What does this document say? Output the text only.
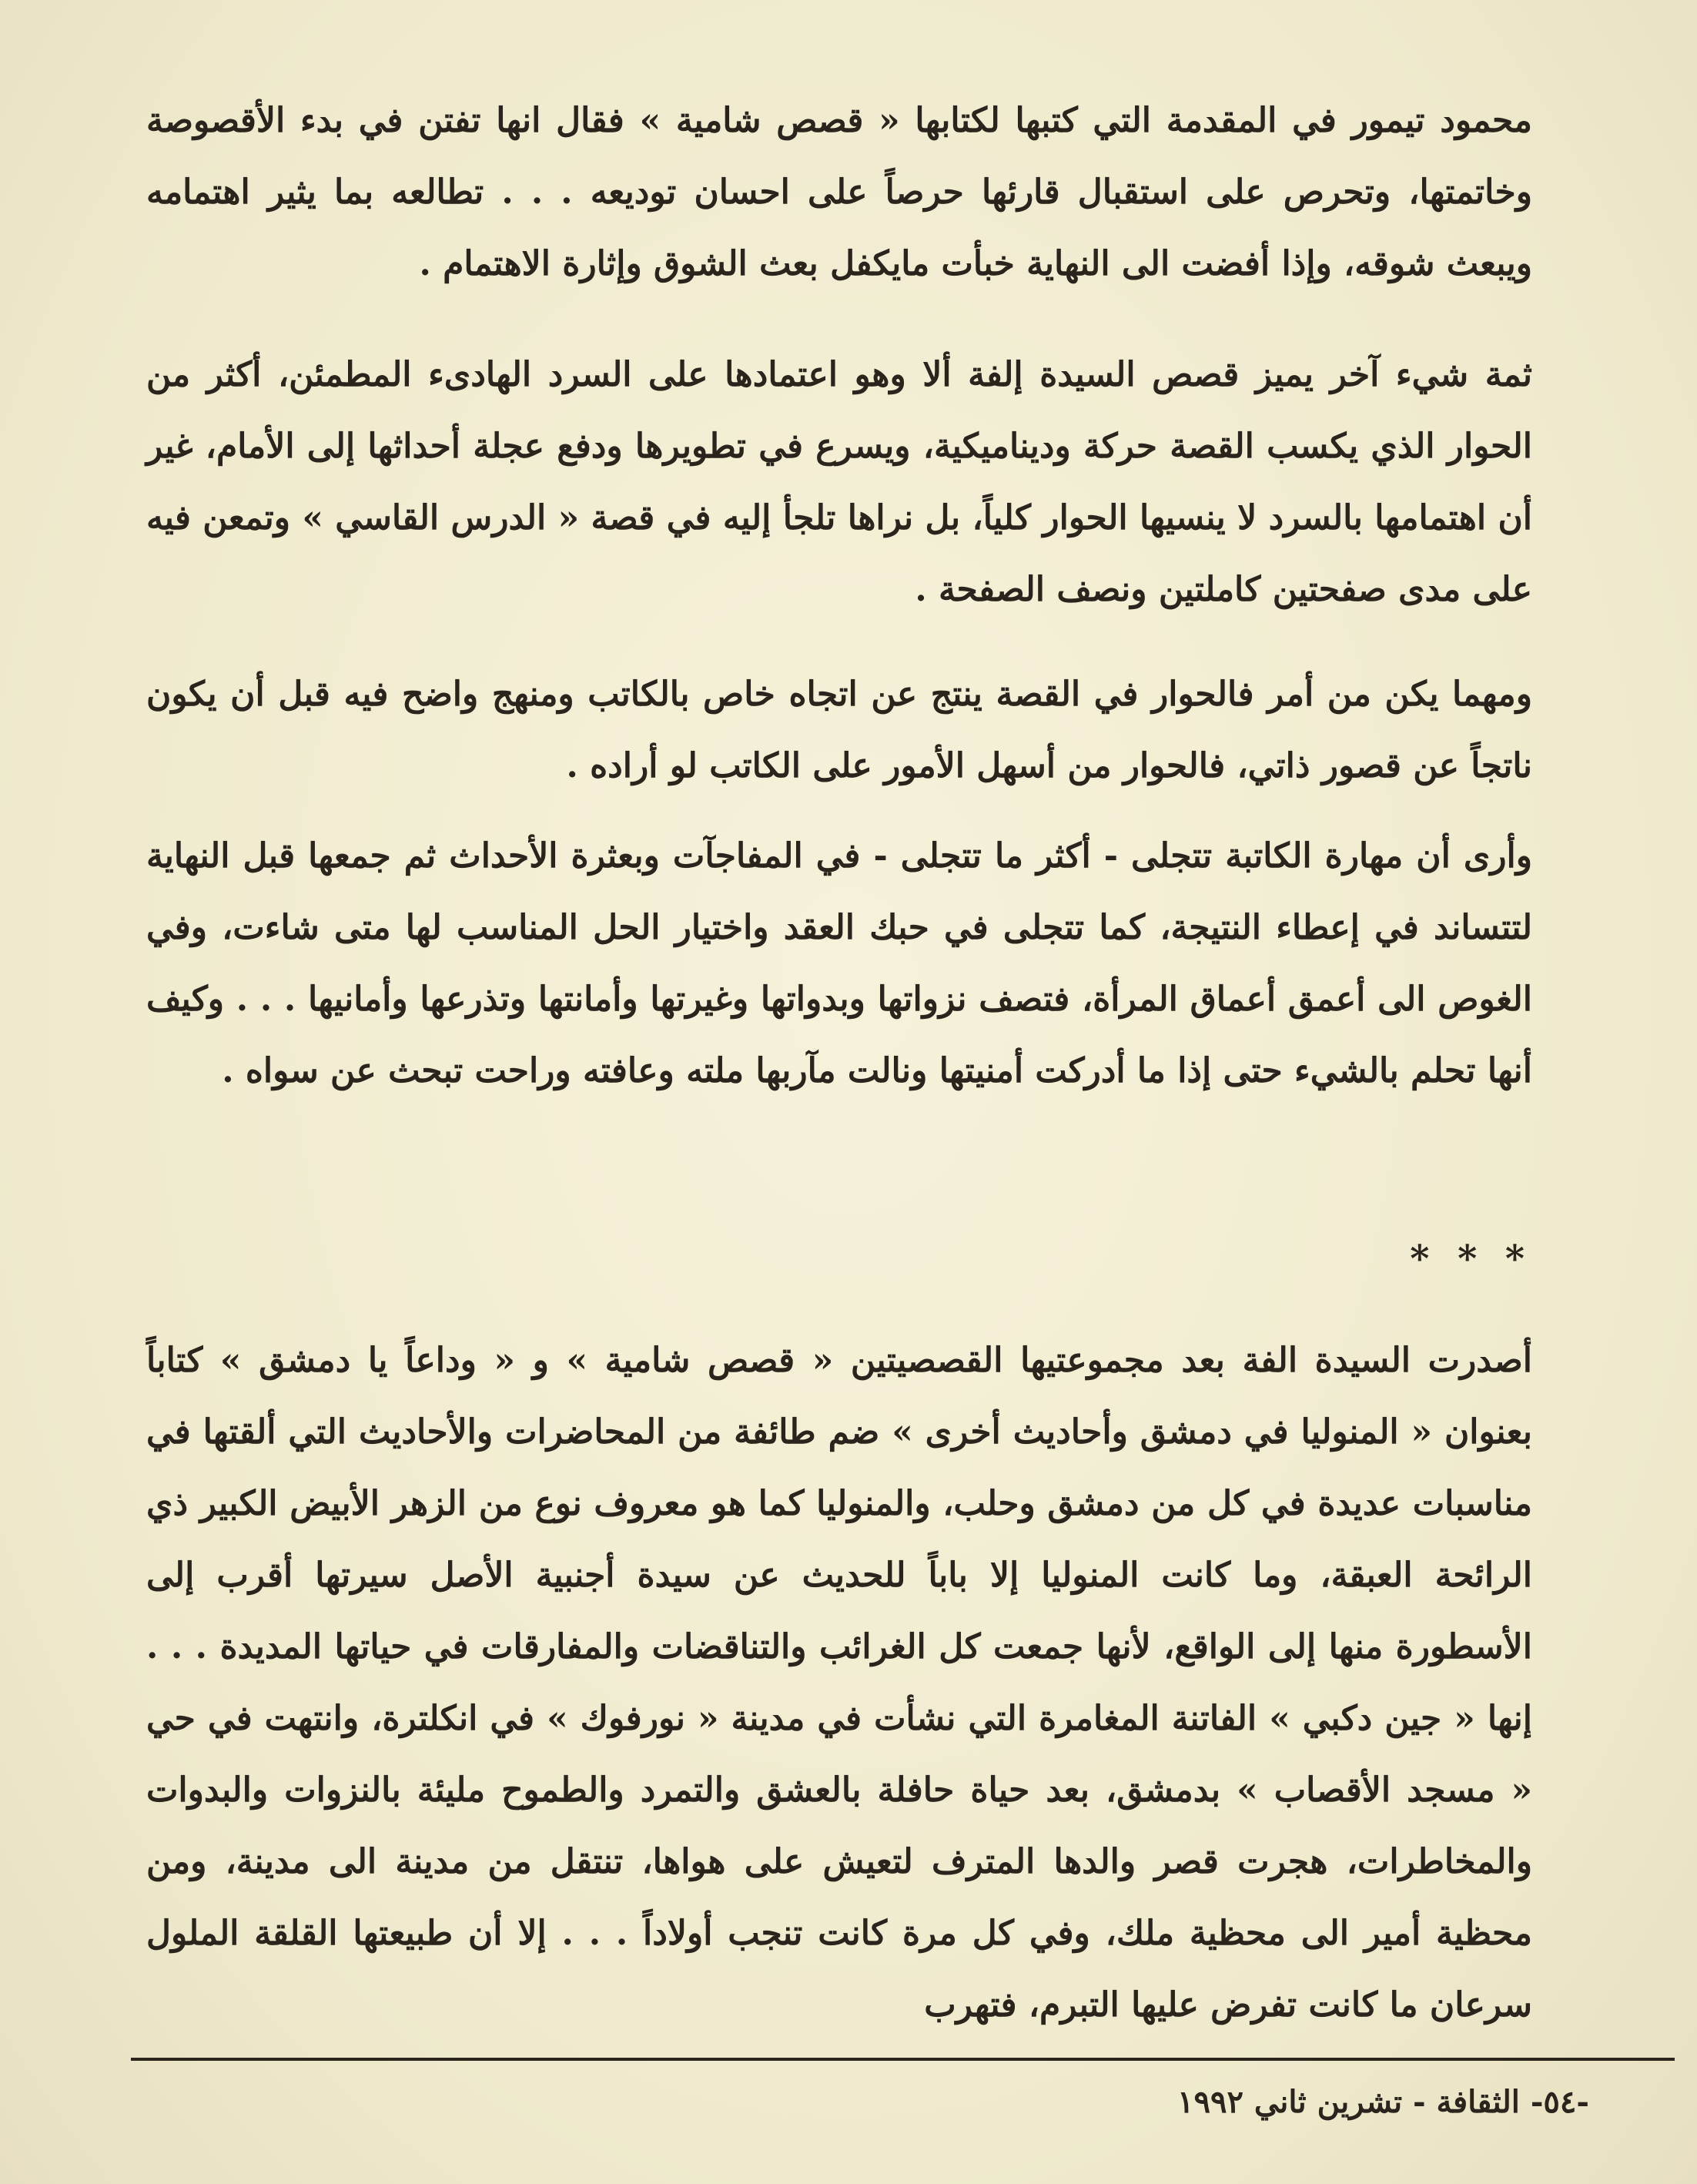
محمود تيمور في المقدمة التي كتبها لكتابها « قصص شامية » فقال انها تفتن في بدء الأقصوصة وخاتمتها، وتحرص على استقبال قارئها حرصاً على احسان توديعه . . . تطالعه بما يثير اهتمامه ويبعث شوقه، وإذا أفضت الى النهاية خبأت مايكفل بعث الشوق وإثارة الاهتمام .

ثمة شيء آخر يميز قصص السيدة إلفة ألا وهو اعتمادها على السرد الهادىء المطمئن، أكثر من الحوار الذي يكسب القصة حركة وديناميكية، ويسرع في تطويرها ودفع عجلة أحداثها إلى الأمام، غير أن اهتمامها بالسرد لا ينسيها الحوار كلياً، بل نراها تلجأ إليه في قصة « الدرس القاسي » وتمعن فيه على مدى صفحتين كاملتين ونصف الصفحة .

ومهما يكن من أمر فالحوار في القصة ينتج عن اتجاه خاص بالكاتب ومنهج واضح فيه قبل أن يكون ناتجاً عن قصور ذاتي، فالحوار من أسهل الأمور على الكاتب لو أراده .

وأرى أن مهارة الكاتبة تتجلى - أكثر ما تتجلى - في المفاجآت وبعثرة الأحداث ثم جمعها قبل النهاية لتتساند في إعطاء النتيجة، كما تتجلى في حبك العقد واختيار الحل المناسب لها متى شاءت، وفي الغوص الى أعمق أعماق المرأة، فتصف نزواتها وبدواتها وغيرتها وأمانتها وتذرعها وأمانيها . . . وكيف أنها تحلم بالشيء حتى إذا ما أدركت أمنيتها ونالت مآربها ملته وعافته وراحت تبحث عن سواه .

* * *

أصدرت السيدة الفة بعد مجموعتيها القصصيتين « قصص شامية » و « وداعاً يا دمشق » كتاباً بعنوان « المنوليا في دمشق وأحاديث أخرى » ضم طائفة من المحاضرات والأحاديث التي ألقتها في مناسبات عديدة في كل من دمشق وحلب، والمنوليا كما هو معروف نوع من الزهر الأبيض الكبير ذي الرائحة العبقة، وما كانت المنوليا إلا باباً للحديث عن سيدة أجنبية الأصل سيرتها أقرب إلى الأسطورة منها إلى الواقع، لأنها جمعت كل الغرائب والتناقضات والمفارقات في حياتها المديدة . . . إنها « جين دكبي » الفاتنة المغامرة التي نشأت في مدينة « نورفوك » في انكلترة، وانتهت في حي « مسجد الأقصاب » بدمشق، بعد حياة حافلة بالعشق والتمرد والطموح مليئة بالنزوات والبدوات والمخاطرات، هجرت قصر والدها المترف لتعيش على هواها، تنتقل من مدينة الى مدينة، ومن محظية أمير الى محظية ملك، وفي كل مرة كانت تنجب أولاداً . . . إلا أن طبيعتها القلقة الملول سرعان ما كانت تفرض عليها التبرم، فتهرب

-٥٤- الثقافة - تشرين ثاني ١٩٩٢
